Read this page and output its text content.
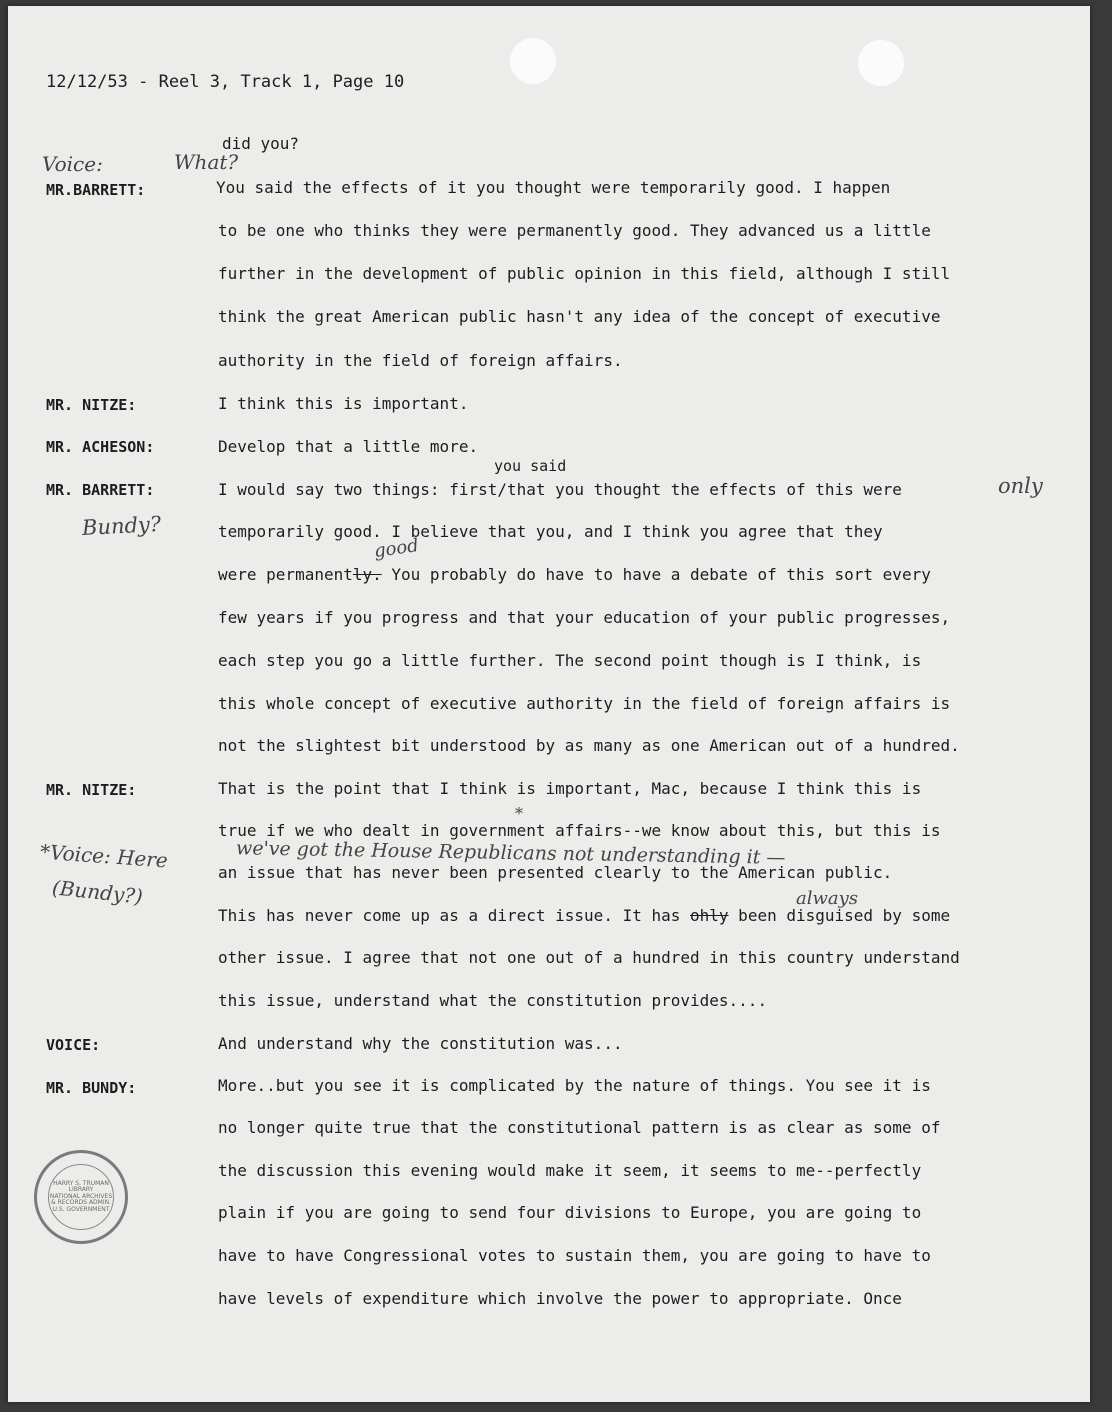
12/12/53 - Reel 3, Track 1, Page 10
MR.BARRETT:
MR. NITZE:
MR. ACHESON:
MR. BARRETT:
MR. NITZE:
VOICE:
MR. BUNDY:
did you?
You said the effects of it you thought were temporarily good. I happen
to be one who thinks they were permanently good. They advanced us a little
further in the development of public opinion in this field, although I still
think the great American public hasn't any idea of the concept of executive
authority in the field of foreign affairs.
I think this is important.
Develop that a little more.
I would say two things: first/that you thought the effects of this were
temporarily good. I believe that you, and I think you agree that they
were permanently. You probably do have to have a debate of this sort every
few years if you progress and that your education of your public progresses,
each step you go a little further. The second point though is I think, is
this whole concept of executive authority in the field of foreign affairs is
not the slightest bit understood by as many as one American out of a hundred.
That is the point that I think is important, Mac, because I think this is
true if we who dealt in government affairs--we know about this, but this is
an issue that has never been presented clearly to the American public.
This has never come up as a direct issue. It has ohly been disguised by some
other issue. I agree that not one out of a hundred in this country understand
this issue, understand what the constitution provides....
And understand why the constitution was...
More..but you see it is complicated by the nature of things. You see it is
no longer quite true that the constitutional pattern is as clear as some of
the discussion this evening would make it seem, it seems to me--perfectly
plain if you are going to send four divisions to Europe, you are going to
have to have Congressional votes to sustain them, you are going to have to
have levels of expenditure which involve the power to appropriate. Once
you said
Voice:	What?
Bundy?
only
good
*
*Voice: Here
(Bundy?)
we've got the House Republicans not understanding it —
always
HARRY S. TRUMAN LIBRARY
NATIONAL ARCHIVES & RECORDS ADMIN.
U.S. GOVERNMENT
